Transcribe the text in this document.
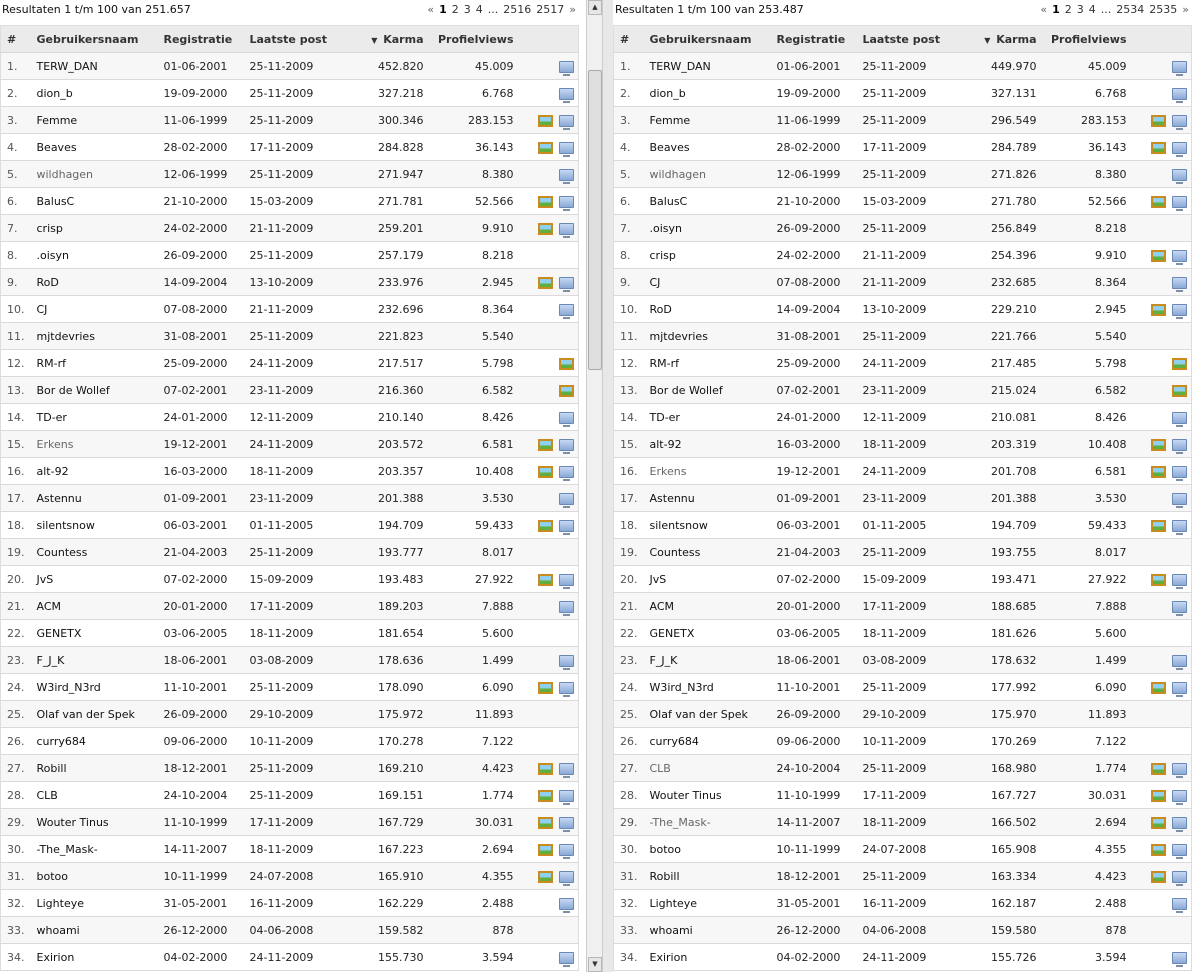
Resultaten 1 t/m 100 van 251.657	« 1 2 3 4 ... 2516 2517 »
#	Gebruikersnaam	Registratie	Laatste post	▼ Karma	Profielviews	
1.	TERW_DAN	01-06-2001	25-11-2009	452.820	45.009	
2.	dion_b	19-09-2000	25-11-2009	327.218	6.768	
3.	Femme	11-06-1999	25-11-2009	300.346	283.153	
4.	Beaves	28-02-2000	17-11-2009	284.828	36.143	
5.	wildhagen	12-06-1999	25-11-2009	271.947	8.380	
6.	BalusC	21-10-2000	15-03-2009	271.781	52.566	
7.	crisp	24-02-2000	21-11-2009	259.201	9.910	
8.	.oisyn	26-09-2000	25-11-2009	257.179	8.218	
9.	RoD	14-09-2004	13-10-2009	233.976	2.945	
10.	CJ	07-08-2000	21-11-2009	232.696	8.364	
11.	mjtdevries	31-08-2001	25-11-2009	221.823	5.540	
12.	RM-rf	25-09-2000	24-11-2009	217.517	5.798	
13.	Bor de Wollef	07-02-2001	23-11-2009	216.360	6.582	
14.	TD-er	24-01-2000	12-11-2009	210.140	8.426	
15.	Erkens	19-12-2001	24-11-2009	203.572	6.581	
16.	alt-92	16-03-2000	18-11-2009	203.357	10.408	
17.	Astennu	01-09-2001	23-11-2009	201.388	3.530	
18.	silentsnow	06-03-2001	01-11-2005	194.709	59.433	
19.	Countess	21-04-2003	25-11-2009	193.777	8.017	
20.	JvS	07-02-2000	15-09-2009	193.483	27.922	
21.	ACM	20-01-2000	17-11-2009	189.203	7.888	
22.	GENETX	03-06-2005	18-11-2009	181.654	5.600	
23.	F_J_K	18-06-2001	03-08-2009	178.636	1.499	
24.	W3ird_N3rd	11-10-2001	25-11-2009	178.090	6.090	
25.	Olaf van der Spek	26-09-2000	29-10-2009	175.972	11.893	
26.	curry684	09-06-2000	10-11-2009	170.278	7.122	
27.	Robill	18-12-2001	25-11-2009	169.210	4.423	
28.	CLB	24-10-2004	25-11-2009	169.151	1.774	
29.	Wouter Tinus	11-10-1999	17-11-2009	167.729	30.031	
30.	-The_Mask-	14-11-2007	18-11-2009	167.223	2.694	
31.	botoo	10-11-1999	24-07-2008	165.910	4.355	
32.	Lighteye	31-05-2001	16-11-2009	162.229	2.488	
33.	whoami	26-12-2000	04-06-2008	159.582	878	
34.	Exirion	04-02-2000	24-11-2009	155.730	3.594	
▲
▼
Resultaten 1 t/m 100 van 253.487	« 1 2 3 4 ... 2534 2535 »
#	Gebruikersnaam	Registratie	Laatste post	▼ Karma	Profielviews	
1.	TERW_DAN	01-06-2001	25-11-2009	449.970	45.009	
2.	dion_b	19-09-2000	25-11-2009	327.131	6.768	
3.	Femme	11-06-1999	25-11-2009	296.549	283.153	
4.	Beaves	28-02-2000	17-11-2009	284.789	36.143	
5.	wildhagen	12-06-1999	25-11-2009	271.826	8.380	
6.	BalusC	21-10-2000	15-03-2009	271.780	52.566	
7.	.oisyn	26-09-2000	25-11-2009	256.849	8.218	
8.	crisp	24-02-2000	21-11-2009	254.396	9.910	
9.	CJ	07-08-2000	21-11-2009	232.685	8.364	
10.	RoD	14-09-2004	13-10-2009	229.210	2.945	
11.	mjtdevries	31-08-2001	25-11-2009	221.766	5.540	
12.	RM-rf	25-09-2000	24-11-2009	217.485	5.798	
13.	Bor de Wollef	07-02-2001	23-11-2009	215.024	6.582	
14.	TD-er	24-01-2000	12-11-2009	210.081	8.426	
15.	alt-92	16-03-2000	18-11-2009	203.319	10.408	
16.	Erkens	19-12-2001	24-11-2009	201.708	6.581	
17.	Astennu	01-09-2001	23-11-2009	201.388	3.530	
18.	silentsnow	06-03-2001	01-11-2005	194.709	59.433	
19.	Countess	21-04-2003	25-11-2009	193.755	8.017	
20.	JvS	07-02-2000	15-09-2009	193.471	27.922	
21.	ACM	20-01-2000	17-11-2009	188.685	7.888	
22.	GENETX	03-06-2005	18-11-2009	181.626	5.600	
23.	F_J_K	18-06-2001	03-08-2009	178.632	1.499	
24.	W3ird_N3rd	11-10-2001	25-11-2009	177.992	6.090	
25.	Olaf van der Spek	26-09-2000	29-10-2009	175.970	11.893	
26.	curry684	09-06-2000	10-11-2009	170.269	7.122	
27.	CLB	24-10-2004	25-11-2009	168.980	1.774	
28.	Wouter Tinus	11-10-1999	17-11-2009	167.727	30.031	
29.	-The_Mask-	14-11-2007	18-11-2009	166.502	2.694	
30.	botoo	10-11-1999	24-07-2008	165.908	4.355	
31.	Robill	18-12-2001	25-11-2009	163.334	4.423	
32.	Lighteye	31-05-2001	16-11-2009	162.187	2.488	
33.	whoami	26-12-2000	04-06-2008	159.580	878	
34.	Exirion	04-02-2000	24-11-2009	155.726	3.594	
